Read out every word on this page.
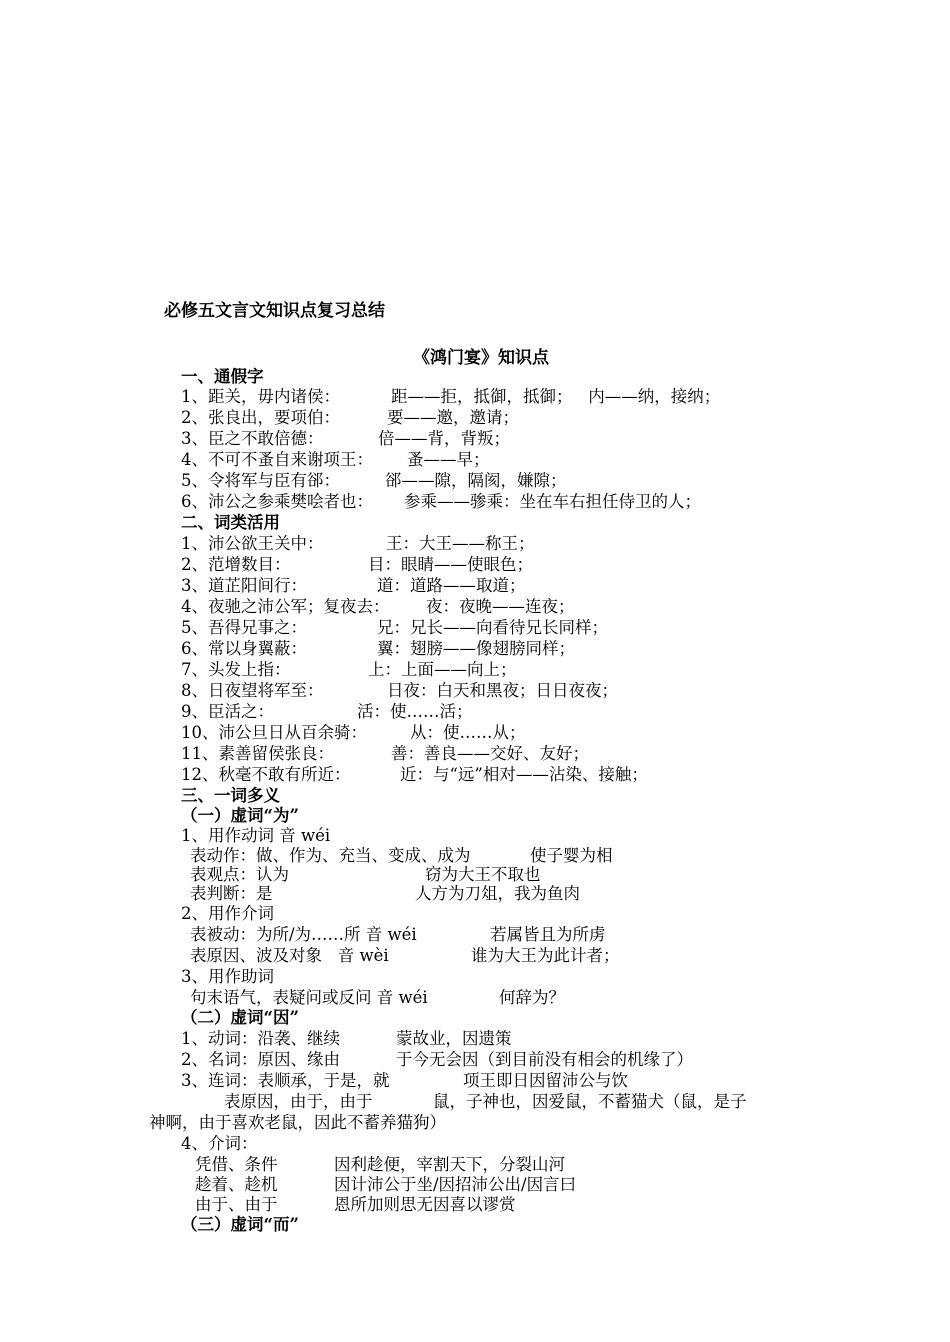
必修五文言文知识点复习总结
《鸿门宴》知识点
一、通假字
1、距关，毋内诸侯：	距——拒，抵御，抵御；   内——纳，接纳；
2、张良出，要项伯：	要——邀，邀请；
3、臣之不敢倍德：	倍——背，背叛；
4、不可不蚤自来谢项王： 蚤——早；
5、令将军与臣有郤：	郤——隙，隔阂，嫌隙；
6、沛公之参乘樊哙者也： 参乘——骖乘：坐在车右担任侍卫的人；
二、词类活用
1、沛公欲王关中：	王：大王——称王；
2、范增数目：	目：眼睛——使眼色；
3、道芷阳间行：	道：道路——取道；
4、夜驰之沛公军；复夜去： 夜：夜晚——连夜；
5、吾得兄事之：	兄：兄长——向看待兄长同样；
6、常以身翼蔽：	翼：翅膀——像翅膀同样；
7、头发上指：	上：上面——向上；
8、日夜望将军至：	日夜：白天和黑夜；日日夜夜；
9、臣活之：	活：使……活；
10、沛公旦日从百余骑：	从：使……从；
11、素善留侯张良：	善：善良——交好、友好；
12、秋毫不敢有所近：	近：与“远”相对——沾染、接触；
三、一词多义
（一）虚词“为”
1、用作动词 音 wéi
表动作：做、作为、充当、变成、成为	使子婴为相
表观点：认为	窃为大王不取也
表判断：是	人方为刀俎，我为鱼肉
2、用作介词
表被动：为所/为……所 音 wéi	若属皆且为所虏
表原因、波及对象   音 wèi	谁为大王为此计者；
3、用作助词
句末语气，表疑问或反问 音 wéi	何辞为？
（二）虚词“因”
1、动词：沿袭、继续	蒙故业，因遗策
2、名词：原因、缘由	于今无会因（到目前没有相会的机缘了）
3、连词：表顺承，于是，就	项王即日因留沛公与饮
表原因，由于，由于	鼠，子神也，因爱鼠，不蓄猫犬（鼠，是子
神啊，由于喜欢老鼠，因此不蓄养猫狗）
4、介词：
凭借、条件	因利趁便，宰割天下，分裂山河
趁着、趁机	因计沛公于坐/因招沛公出/因言曰
由于、由于	恩所加则思无因喜以谬赏
（三）虚词“而”
